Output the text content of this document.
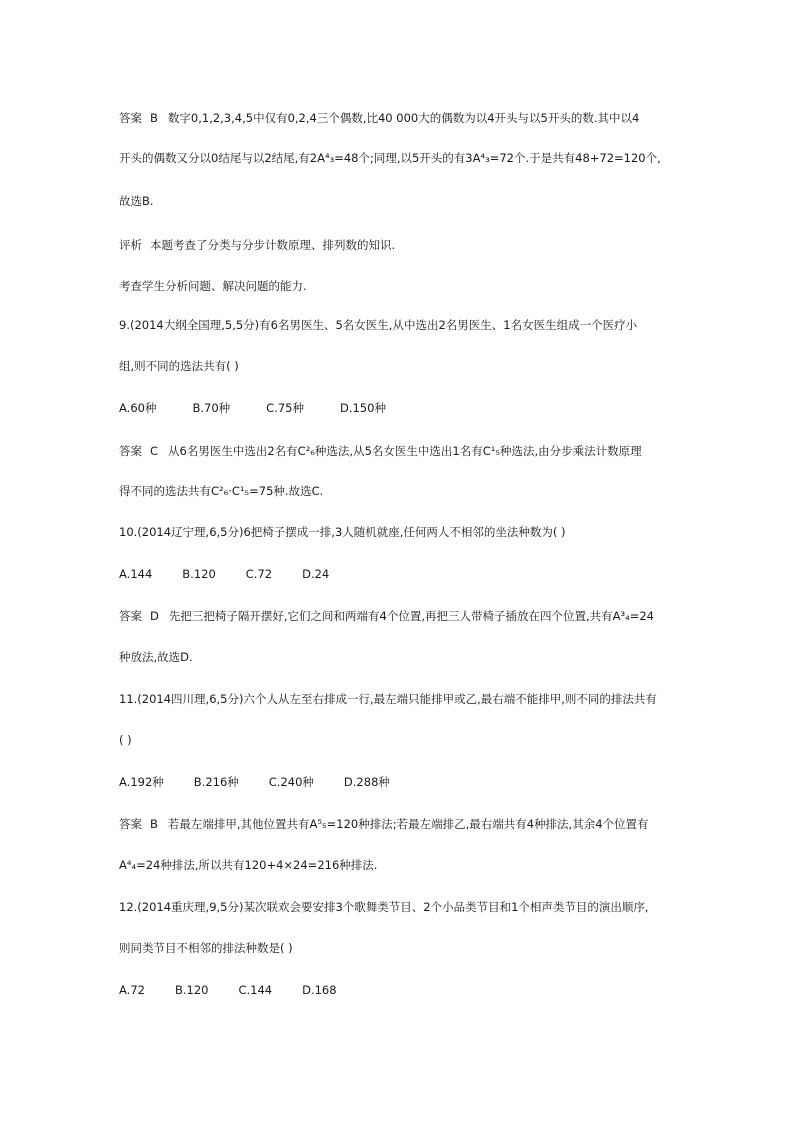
答案 B 数字0,1,2,3,4,5中仅有0,2,4三个偶数,比40 000大的偶数为以4开头与以5开头的数.其中以4
开头的偶数又分以0结尾与以2结尾,有2A⁴₃=48个;同理,以5开头的有3A⁴₃=72个.于是共有48+72=120个,
故选B.
评析 本题考查了分类与分步计数原理、排列数的知识.
考查学生分析问题、解决问题的能力.
9.(2014大纲全国理,5,5分)有6名男医生、5名女医生,从中选出2名男医生、1名女医生组成一个医疗小
组,则不同的选法共有( )
A.60种	B.70种	C.75种	D.150种
答案 C 从6名男医生中选出2名有C²₆种选法,从5名女医生中选出1名有C¹₅种选法,由分步乘法计数原理
得不同的选法共有C²₆·C¹₅=75种.故选C.
10.(2014辽宁理,6,5分)6把椅子摆成一排,3人随机就座,任何两人不相邻的坐法种数为( )
A.144	B.120	C.72	D.24
答案 D 先把三把椅子隔开摆好,它们之间和两端有4个位置,再把三人带椅子插放在四个位置,共有A³₄=24
种放法,故选D.
11.(2014四川理,6,5分)六个人从左至右排成一行,最左端只能排甲或乙,最右端不能排甲,则不同的排法共有
( )
A.192种	B.216种	C.240种	D.288种
答案 B 若最左端排甲,其他位置共有A⁵₅=120种排法;若最左端排乙,最右端共有4种排法,其余4个位置有
A⁴₄=24种排法,所以共有120+4×24=216种排法.
12.(2014重庆理,9,5分)某次联欢会要安排3个歌舞类节目、2个小品类节目和1个相声类节目的演出顺序,
则同类节目不相邻的排法种数是( )
A.72	B.120	C.144	D.168
